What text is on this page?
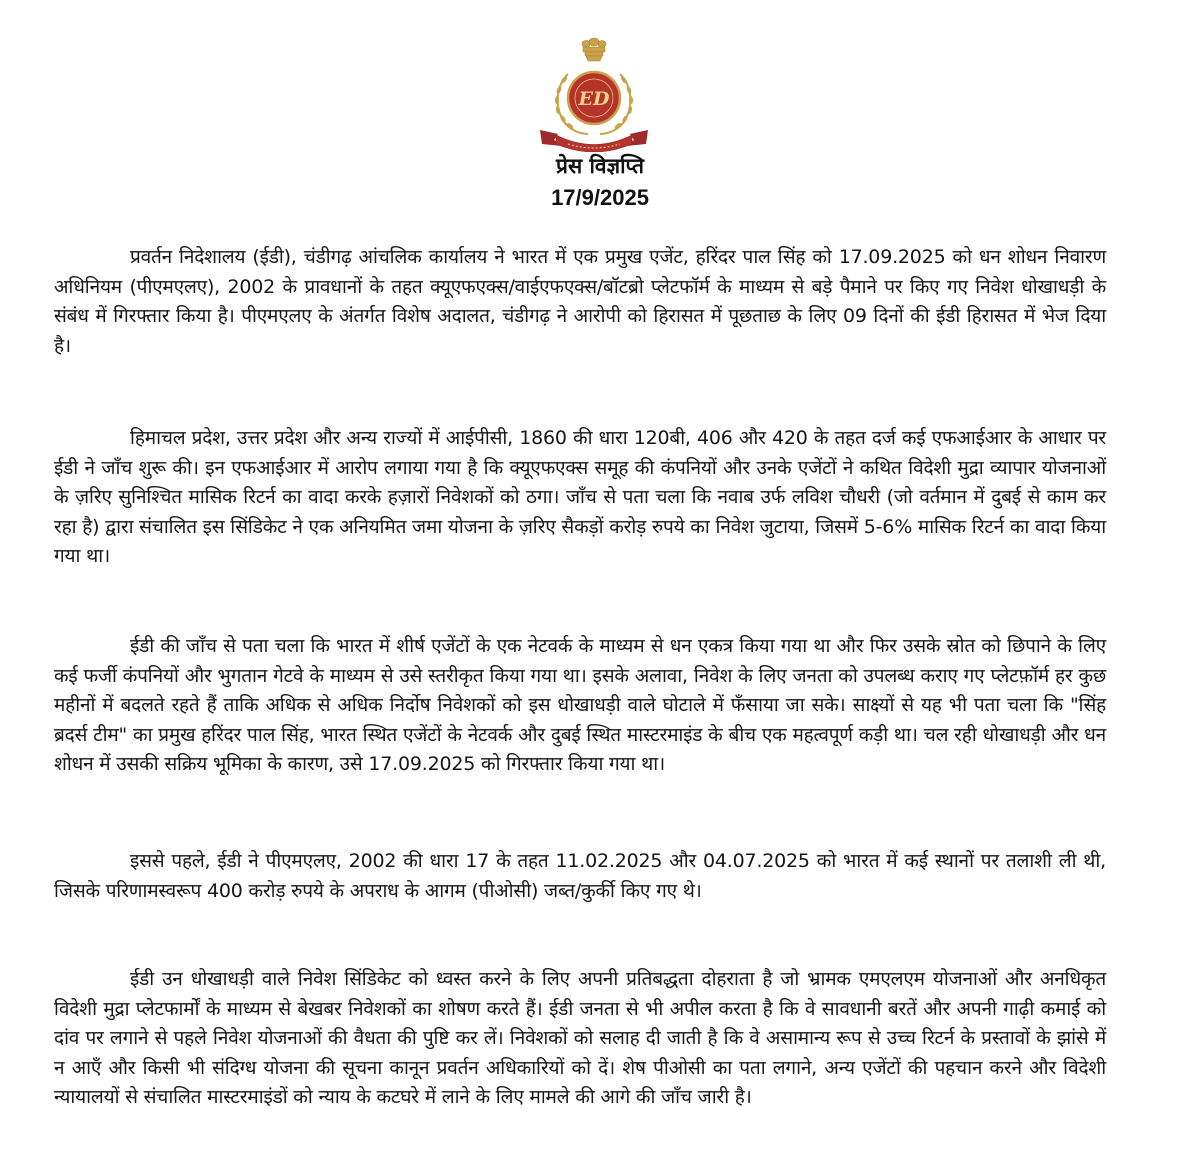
ED
प्रेस विज्ञप्ति
17/9/2025

प्रवर्तन निदेशालय (ईडी), चंडीगढ़ आंचलिक कार्यालय ने भारत में एक प्रमुख एजेंट, हरिंदर पाल सिंह को 17.09.2025 को धन शोधन निवारण अधिनियम (पीएमएलए), 2002 के प्रावधानों के तहत क्यूएफएक्स/वाईएफएक्स/बॉटब्रो प्लेटफॉर्म के माध्यम से बड़े पैमाने पर किए गए निवेश धोखाधड़ी के संबंध में गिरफ्तार किया है। पीएमएलए के अंतर्गत विशेष अदालत, चंडीगढ़ ने आरोपी को हिरासत में पूछताछ के लिए 09 दिनों की ईडी हिरासत में भेज दिया है।

हिमाचल प्रदेश, उत्तर प्रदेश और अन्य राज्यों में आईपीसी, 1860 की धारा 120बी, 406 और 420 के तहत दर्ज कई एफआईआर के आधार पर ईडी ने जाँच शुरू की। इन एफआईआर में आरोप लगाया गया है कि क्यूएफएक्स समूह की कंपनियों और उनके एजेंटों ने कथित विदेशी मुद्रा व्यापार योजनाओं के ज़रिए सुनिश्चित मासिक रिटर्न का वादा करके हज़ारों निवेशकों को ठगा। जाँच से पता चला कि नवाब उर्फ लविश चौधरी (जो वर्तमान में दुबई से काम कर रहा है) द्वारा संचालित इस सिंडिकेट ने एक अनियमित जमा योजना के ज़रिए सैकड़ों करोड़ रुपये का निवेश जुटाया, जिसमें 5-6% मासिक रिटर्न का वादा किया गया था।

ईडी की जाँच से पता चला कि भारत में शीर्ष एजेंटों के एक नेटवर्क के माध्यम से धन एकत्र किया गया था और फिर उसके स्रोत को छिपाने के लिए कई फर्जी कंपनियों और भुगतान गेटवे के माध्यम से उसे स्तरीकृत किया गया था। इसके अलावा, निवेश के लिए जनता को उपलब्ध कराए गए प्लेटफ़ॉर्म हर कुछ महीनों में बदलते रहते हैं ताकि अधिक से अधिक निर्दोष निवेशकों को इस धोखाधड़ी वाले घोटाले में फँसाया जा सके। साक्ष्यों से यह भी पता चला कि "सिंह ब्रदर्स टीम" का प्रमुख हरिंदर पाल सिंह, भारत स्थित एजेंटों के नेटवर्क और दुबई स्थित मास्टरमाइंड के बीच एक महत्वपूर्ण कड़ी था। चल रही धोखाधड़ी और धन शोधन में उसकी सक्रिय भूमिका के कारण, उसे 17.09.2025 को गिरफ्तार किया गया था।

इससे पहले, ईडी ने पीएमएलए, 2002 की धारा 17 के तहत 11.02.2025 और 04.07.2025 को भारत में कई स्थानों पर तलाशी ली थी, जिसके परिणामस्वरूप 400 करोड़ रुपये के अपराध के आगम (पीओसी) जब्त/कुर्की किए गए थे।

ईडी उन धोखाधड़ी वाले निवेश सिंडिकेट को ध्वस्त करने के लिए अपनी प्रतिबद्धता दोहराता है जो भ्रामक एमएलएम योजनाओं और अनधिकृत विदेशी मुद्रा प्लेटफार्मों के माध्यम से बेखबर निवेशकों का शोषण करते हैं। ईडी जनता से भी अपील करता है कि वे सावधानी बरतें और अपनी गाढ़ी कमाई को दांव पर लगाने से पहले निवेश योजनाओं की वैधता की पुष्टि कर लें। निवेशकों को सलाह दी जाती है कि वे असामान्य रूप से उच्च रिटर्न के प्रस्तावों के झांसे में न आएँ और किसी भी संदिग्ध योजना की सूचना कानून प्रवर्तन अधिकारियों को दें। शेष पीओसी का पता लगाने, अन्य एजेंटों की पहचान करने और विदेशी न्यायालयों से संचालित मास्टरमाइंडों को न्याय के कटघरे में लाने के लिए मामले की आगे की जाँच जारी है।
